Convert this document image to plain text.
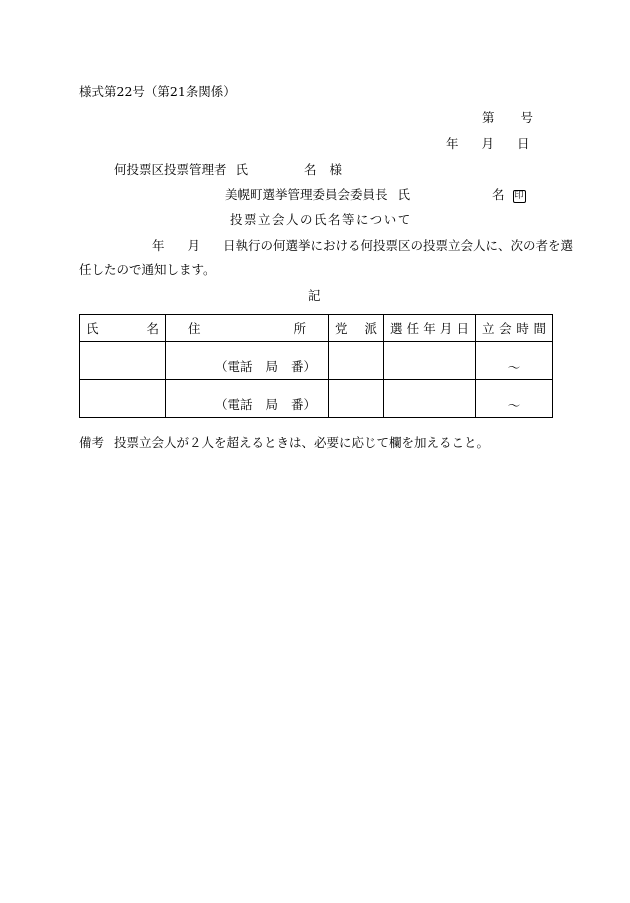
様式第22号（第21条関係）
第 号
年 月 日
何投票区投票管理者 氏	名 様
美幌町選挙管理委員会委員長 氏	名 印
投票立会人の氏名等について
年 月 日執行の何選挙における何投票区の投票立会人に、次の者を選
任したので通知します。
記
氏 名	住 所	党 派	選 任 年 月 日	立 会 時 間

	（電話 局 番）			～

	（電話 局 番）			～
備考 投票立会人が２人を超えるときは、必要に応じて欄を加えること。
